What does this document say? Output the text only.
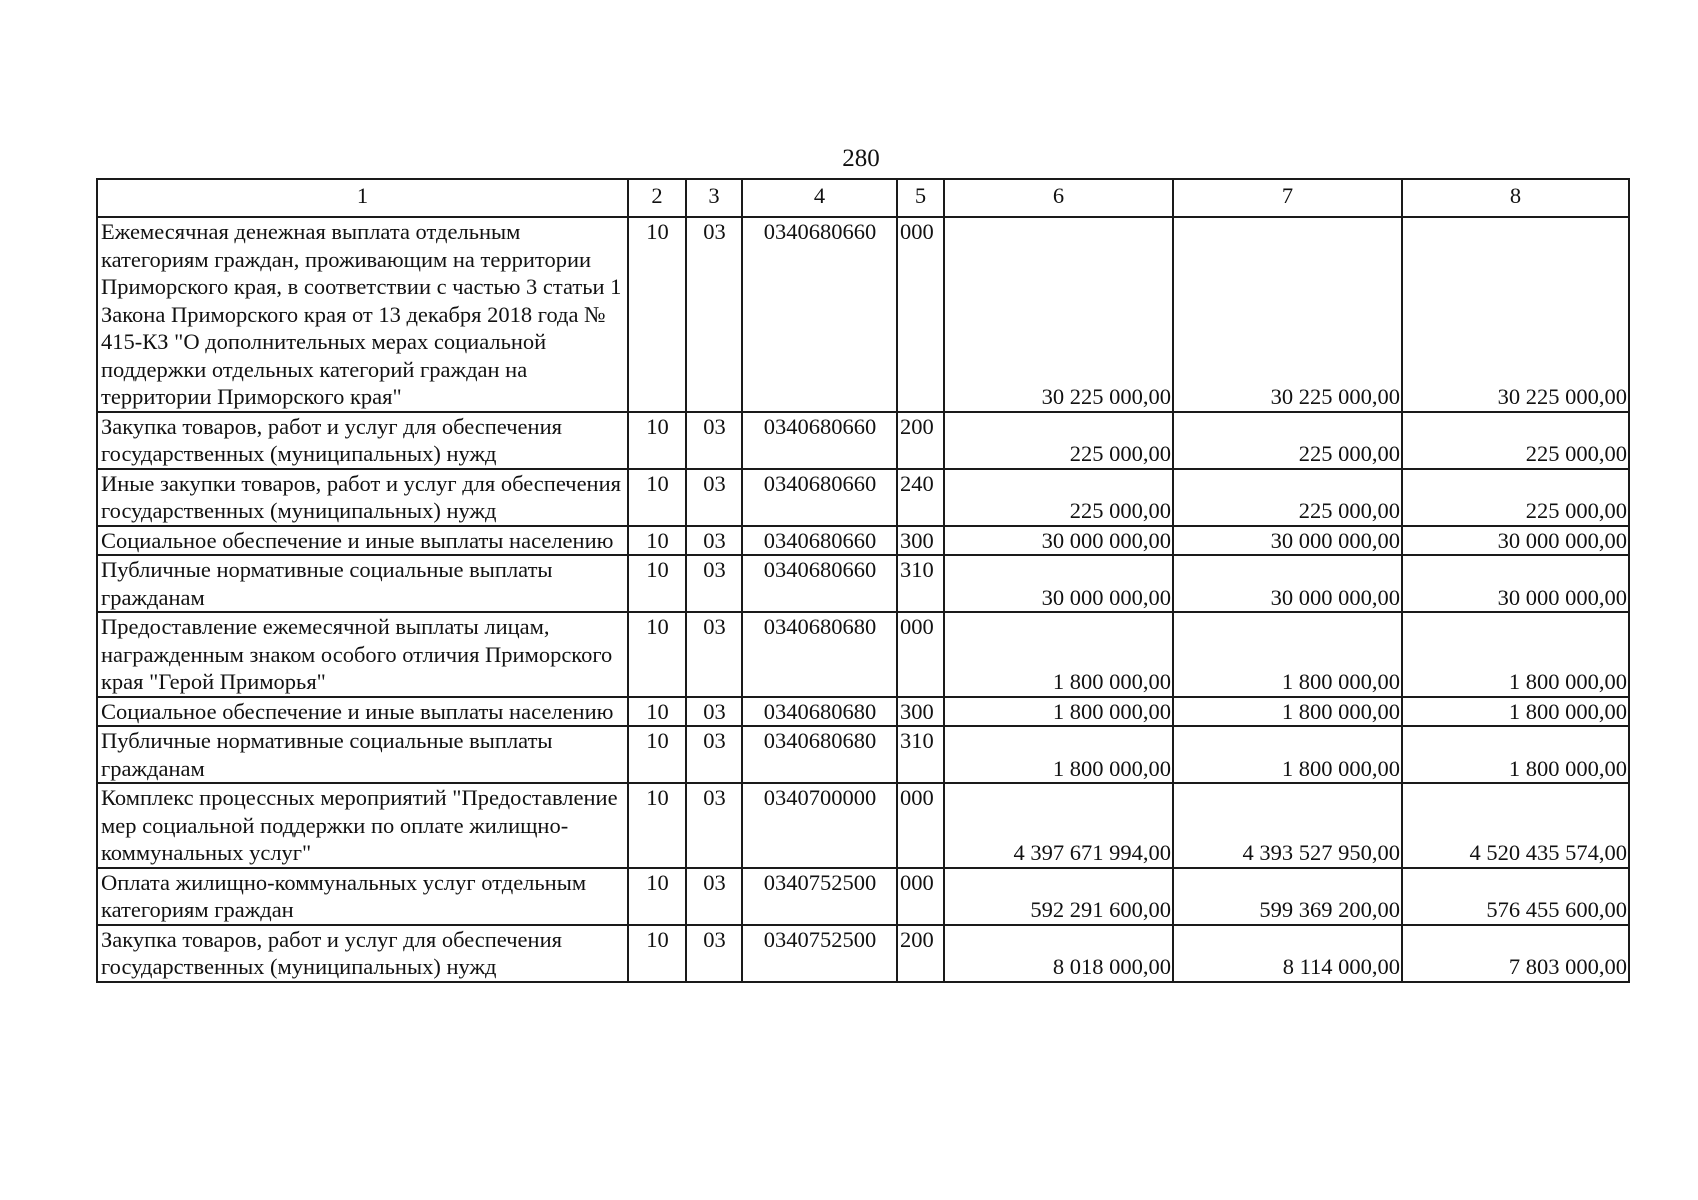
280
1	2	3	4	5	6	7	8
Ежемесячная денежная выплата отдельным категориям граждан, проживающим на территории Приморского края, в соответствии с частью 3 статьи 1 Закона Приморского края от 13 декабря 2018 года № 415-КЗ "О дополнительных мерах социальной поддержки отдельных категорий граждан на территории Приморского края"	10	03	0340680660	000	30 225 000,00	30 225 000,00	30 225 000,00
Закупка товаров, работ и услуг для обеспечения государственных (муниципальных) нужд	10	03	0340680660	200	225 000,00	225 000,00	225 000,00
Иные закупки товаров, работ и услуг для обеспечения государственных (муниципальных) нужд	10	03	0340680660	240	225 000,00	225 000,00	225 000,00
Социальное обеспечение и иные выплаты населению	10	03	0340680660	300	30 000 000,00	30 000 000,00	30 000 000,00
Публичные нормативные социальные выплаты гражданам	10	03	0340680660	310	30 000 000,00	30 000 000,00	30 000 000,00
Предоставление ежемесячной выплаты лицам, награжденным знаком особого отличия Приморского края "Герой Приморья"	10	03	0340680680	000	1 800 000,00	1 800 000,00	1 800 000,00
Социальное обеспечение и иные выплаты населению	10	03	0340680680	300	1 800 000,00	1 800 000,00	1 800 000,00
Публичные нормативные социальные выплаты гражданам	10	03	0340680680	310	1 800 000,00	1 800 000,00	1 800 000,00
Комплекс процессных мероприятий "Предоставление мер социальной поддержки по оплате жилищно-коммунальных услуг"	10	03	0340700000	000	4 397 671 994,00	4 393 527 950,00	4 520 435 574,00
Оплата жилищно-коммунальных услуг отдельным категориям граждан	10	03	0340752500	000	592 291 600,00	599 369 200,00	576 455 600,00
Закупка товаров, работ и услуг для обеспечения государственных (муниципальных) нужд	10	03	0340752500	200	8 018 000,00	8 114 000,00	7 803 000,00
